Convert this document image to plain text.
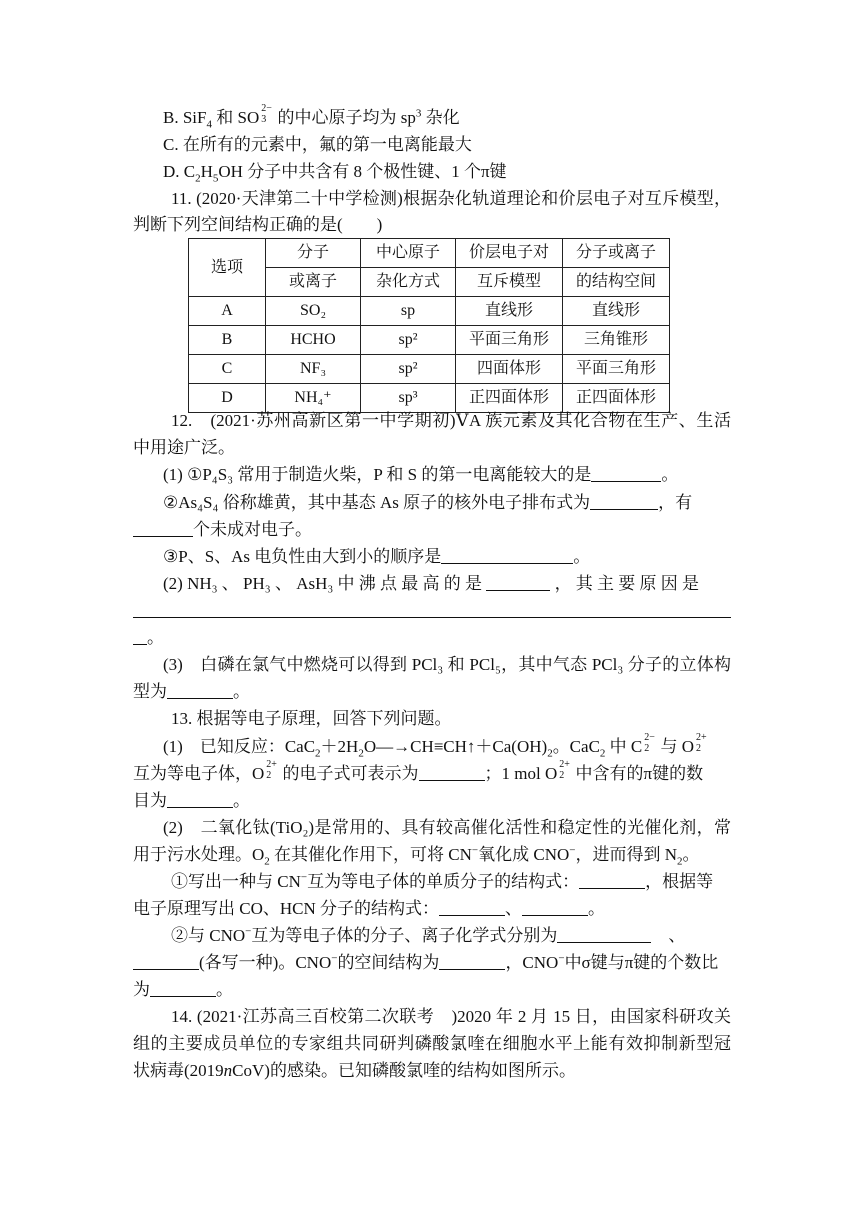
B. SiF$_4$ 和 SO 2−
3 的中心原子均为 $sp^3$ 杂化
C. 在所有的元素中，氟的第一电离能最大
D. $C_2H_5OH$ 分子中共含有 8 个极性键、1 个π键
11. (2020·天津第二十中学检测)根据杂化轨道理论和价层电子对互斥模型，
判断下列空间结构正确的是(　　)
选项	分子	中心原子	价层电子对	分子或离子
	或离子	杂化方式	互斥模型	的结构空间
A	SO₂	sp	直线形	直线形
B	HCHO	sp²	平面三角形	三角锥形
C	NF₃	sp²	四面体形	平面三角形
D	NH₄⁺	sp³	正四面体形	正四面体形
12.　(2021·苏州高新区第一中学期初)ⅤA 族元素及其化合物在生产、生活
中用途广泛。
(1) ①P₄S₃ 常用于制造火柴，P 和 S 的第一电离能较大的是	。
②As₄S₄ 俗称雄黄，其中基态 As 原子的核外电子排布式为	，有
个未成对电子。
③P、S、As 电负性由大到小的顺序是	。
(2) NH₃ 、 PH₃ 、 AsH₃ 中 沸 点 最 高 的 是	， 其 主 要 原 因 是
。
(3)　白磷在氯气中燃烧可以得到 PCl₃ 和 PCl₅，其中气态 PCl₃ 分子的立体构
型为	。
13. 根据等电子原理，回答下列问题。
(1)　已知反应：$CaC_2+2H_2O―\to CH\equiv CH↑+Ca(OH)_2$。CaC$_2$ 中 C 2−
2 与 O 2+
2
互为等电子体，O 2+
2 的电子式可表示为	；1 mol O 2+
2 中含有的π键的数
目为	。
(2)　二氧化钛(TiO₂)是常用的、具有较高催化活性和稳定性的光催化剂，常
用于污水处理。$O_2$ 在其催化作用下，可将 CN−氧化成 CNO−，进而得到 $N_2$。
①写出一种与 CN−互为等电子体的单质分子的结构式：	，根据等
电子原理写出 CO、HCN 分子的结构式：	、	。
②与 CNO−互为等电子体的分子、离子化学式分别为	　、
(各写一种)。CNO−的空间结构为	，CNO−中σ键与π键的个数比
为	。
14. (2021·江苏高三百校第二次联考　)2020 年 2 月 15 日，由国家科研攻关
组的主要成员单位的专家组共同研判磷酸氯喹在细胞水平上能有效抑制新型冠
状病毒(2019nCoV)的感染。已知磷酸氯喹的结构如图所示。
